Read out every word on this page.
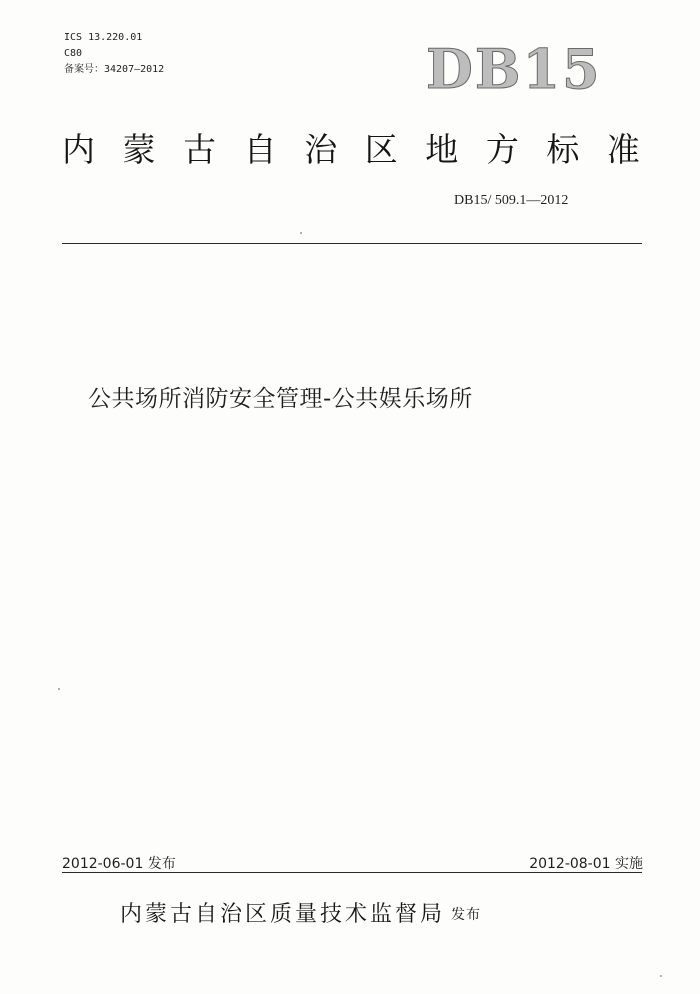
ICS 13.220.01
C80
备案号：34207—2012	DB15
内 蒙 古 自 治 区 地 方 标 准
DB15/ 509.1—2012
公共场所消防安全管理-公共娱乐场所
2012-06-01 发布	2012-08-01 实施
内蒙古自治区质量技术监督局 发布
